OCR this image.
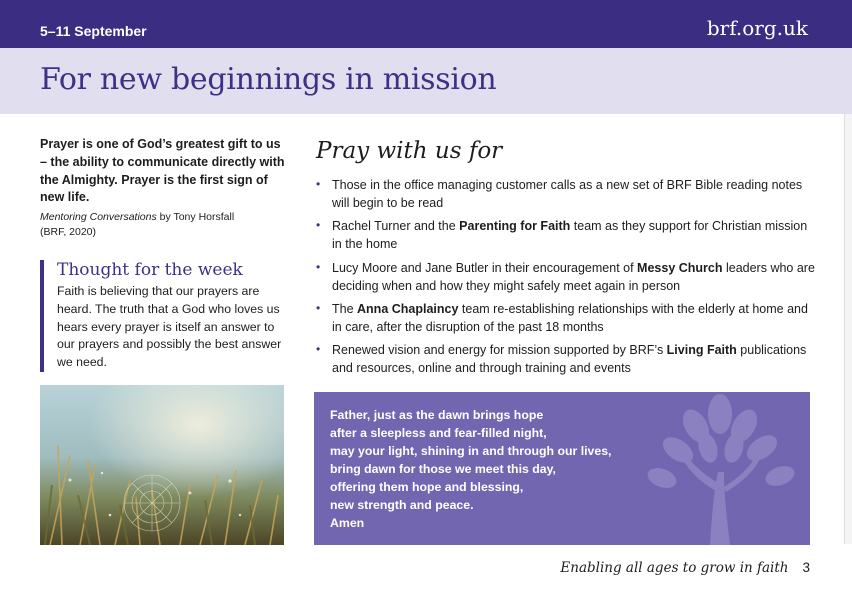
5–11 September	brf.org.uk
For new beginnings in mission

Prayer is one of God’s greatest gift to us – the ability to communicate directly with the Almighty. Prayer is the first sign of new life.

Mentoring Conversations by Tony Horsfall
(BRF, 2020)

Thought for the week

Faith is believing that our prayers are heard. The truth that a God who loves us hears every prayer is itself an answer to our prayers and possibly the best answer we need.

Pray with us for
• Those in the office managing customer calls as a new set of BRF Bible reading notes will begin to be read
• Rachel Turner and the Parenting for Faith team as they support for Christian mission in the home
• Lucy Moore and Jane Butler in their encouragement of Messy Church leaders who are deciding when and how they might safely meet again in person
• The Anna Chaplaincy team re-establishing relationships with the elderly at home and in care, after the disruption of the past 18 months
• Renewed vision and energy for mission supported by BRF’s Living Faith publications and resources, online and through training and events
Father, just as the dawn brings hope
after a sleepless and fear-filled night,
may your light, shining in and through our lives,
bring dawn for those we meet this day,
offering them hope and blessing,
new strength and peace.
Amen
Enabling all ages to grow in faith 3
